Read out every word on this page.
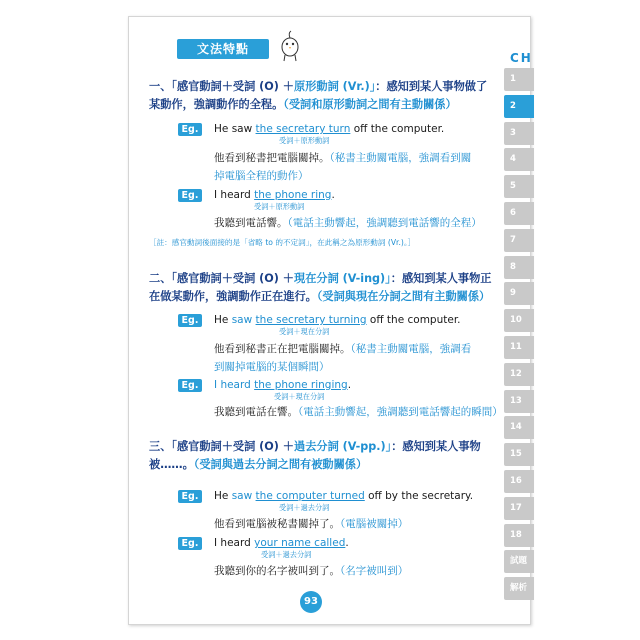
文法特點
一、「感官動詞＋受詞 (O) ＋原形動詞 (Vr.)」：感知到某人事物做了
某動作，強調動作的全程。（受詞和原形動詞之間有主動關係）
Eg.	He saw the secretary turn off the computer.
受詞＋原形動詞
他看到秘書把電腦關掉。（秘書主動關電腦，強調看到關
掉電腦全程的動作）
Eg.	I heard the phone ring.
受詞＋原形動詞
我聽到電話響。（電話主動響起，強調聽到電話響的全程）
［註：感官動詞後面接的是「省略 to 的不定詞」，在此稱之為原形動詞 (Vr.)。］
二、「感官動詞＋受詞 (O) ＋現在分詞 (V-ing)」：感知到某人事物正
在做某動作，強調動作正在進行。（受詞與現在分詞之間有主動關係）
Eg.	He saw the secretary turning off the computer.
受詞＋現在分詞
他看到秘書正在把電腦關掉。（秘書主動關電腦，強調看
到關掉電腦的某個瞬間）
Eg.	I heard the phone ringing.
受詞＋現在分詞
我聽到電話在響。（電話主動響起，強調聽到電話響起的瞬間）
三、「感官動詞＋受詞 (O) ＋過去分詞 (V-pp.)」：感知到某人事物
被……。（受詞與過去分詞之間有被動關係）
Eg.	He saw the computer turned off by the secretary.
受詞＋過去分詞
他看到電腦被秘書關掉了。（電腦被關掉）
Eg.	I heard your name called.
受詞＋過去分詞
我聽到你的名字被叫到了。（名字被叫到）
93
CH
1
2
3
4
5
6
7
8
9
10
11
12
13
14
15
16
17
18
試題
解析
